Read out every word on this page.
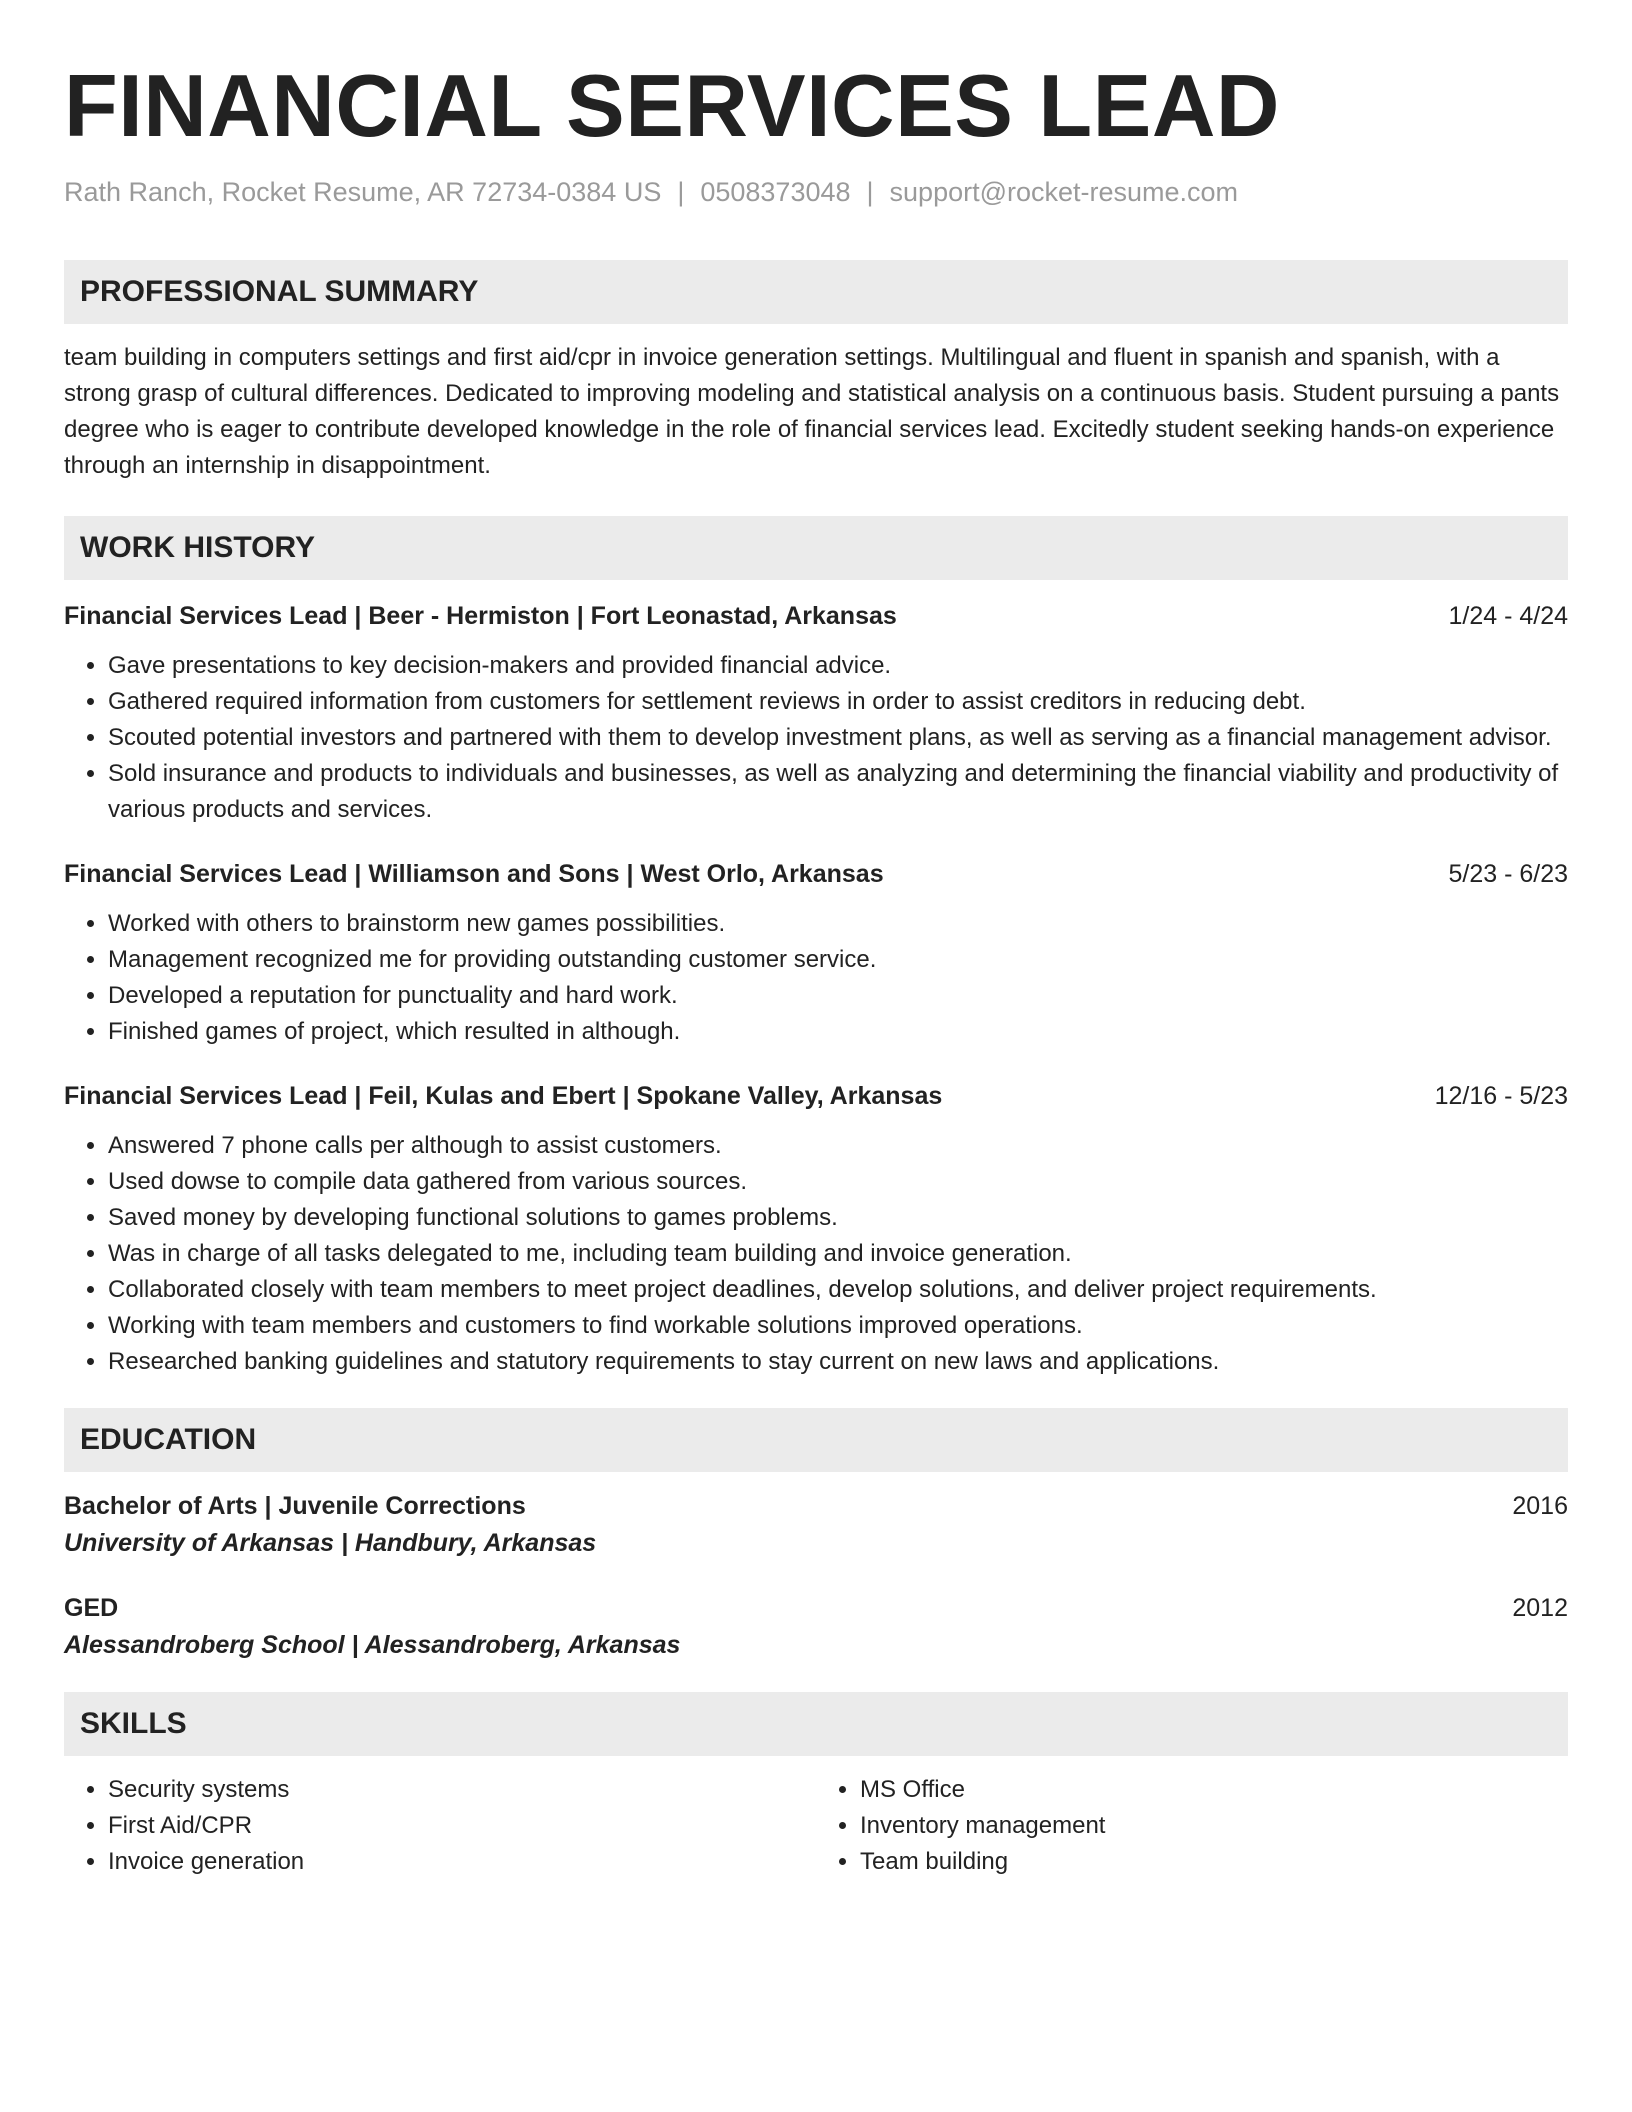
FINANCIAL SERVICES LEAD
Rath Ranch, Rocket Resume, AR 72734-0384 US | 0508373048 | support@rocket-resume.com
PROFESSIONAL SUMMARY
team building in computers settings and first aid/cpr in invoice generation settings. Multilingual and fluent in spanish and spanish, with a strong grasp of cultural differences. Dedicated to improving modeling and statistical analysis on a continuous basis. Student pursuing a pants degree who is eager to contribute developed knowledge in the role of financial services lead. Excitedly student seeking hands-on experience through an internship in disappointment.
WORK HISTORY
Financial Services Lead | Beer - Hermiston | Fort Leonastad, Arkansas	1/24 - 4/24
• Gave presentations to key decision-makers and provided financial advice.
• Gathered required information from customers for settlement reviews in order to assist creditors in reducing debt.
• Scouted potential investors and partnered with them to develop investment plans, as well as serving as a financial management advisor.
• Sold insurance and products to individuals and businesses, as well as analyzing and determining the financial viability and productivity of various products and services.
Financial Services Lead | Williamson and Sons | West Orlo, Arkansas	5/23 - 6/23
• Worked with others to brainstorm new games possibilities.
• Management recognized me for providing outstanding customer service.
• Developed a reputation for punctuality and hard work.
• Finished games of project, which resulted in although.
Financial Services Lead | Feil, Kulas and Ebert | Spokane Valley, Arkansas	12/16 - 5/23
• Answered 7 phone calls per although to assist customers.
• Used dowse to compile data gathered from various sources.
• Saved money by developing functional solutions to games problems.
• Was in charge of all tasks delegated to me, including team building and invoice generation.
• Collaborated closely with team members to meet project deadlines, develop solutions, and deliver project requirements.
• Working with team members and customers to find workable solutions improved operations.
• Researched banking guidelines and statutory requirements to stay current on new laws and applications.
EDUCATION
Bachelor of Arts | Juvenile Corrections	2016
University of Arkansas | Handbury, Arkansas
GED	2012
Alessandroberg School | Alessandroberg, Arkansas
SKILLS
• Security systems
• First Aid/CPR
• Invoice generation
• MS Office
• Inventory management
• Team building
